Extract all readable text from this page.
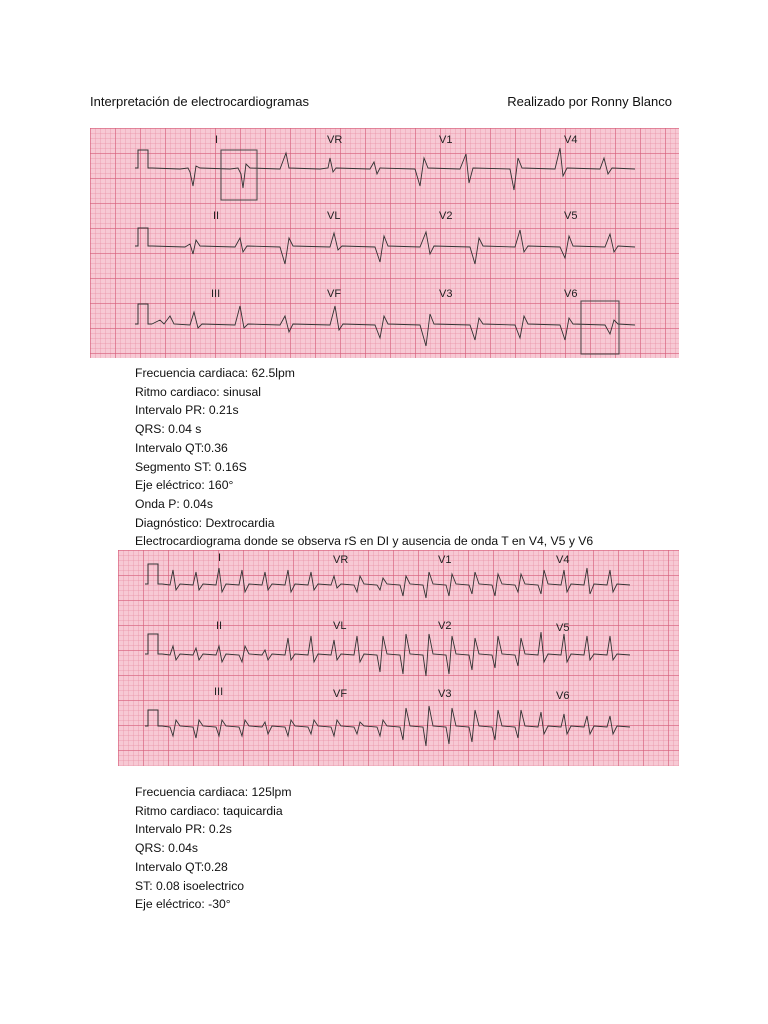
Interpretación de electrocardiogramas	Realizado por Ronny Blanco
I	VR	V1	V4
II	VL	V2	V5
III	VF	V3	V6
Frecuencia cardiaca: 62.5lpm
Ritmo cardiaco: sinusal
Intervalo PR: 0.21s
QRS: 0.04 s
Intervalo QT:0.36
Segmento ST: 0.16S
Eje eléctrico: 160°
Onda P: 0.04s
Diagnóstico: Dextrocardia
Electrocardiograma donde se observa rS en DI y ausencia de onda T en V4, V5 y V6
I	VR	V1	V4
II	VL	V2	V5
III	VF	V3	V6
Frecuencia cardiaca: 125lpm
Ritmo cardiaco: taquicardia
Intervalo PR: 0.2s
QRS: 0.04s
Intervalo QT:0.28
ST: 0.08 isoelectrico
Eje eléctrico: -30°
